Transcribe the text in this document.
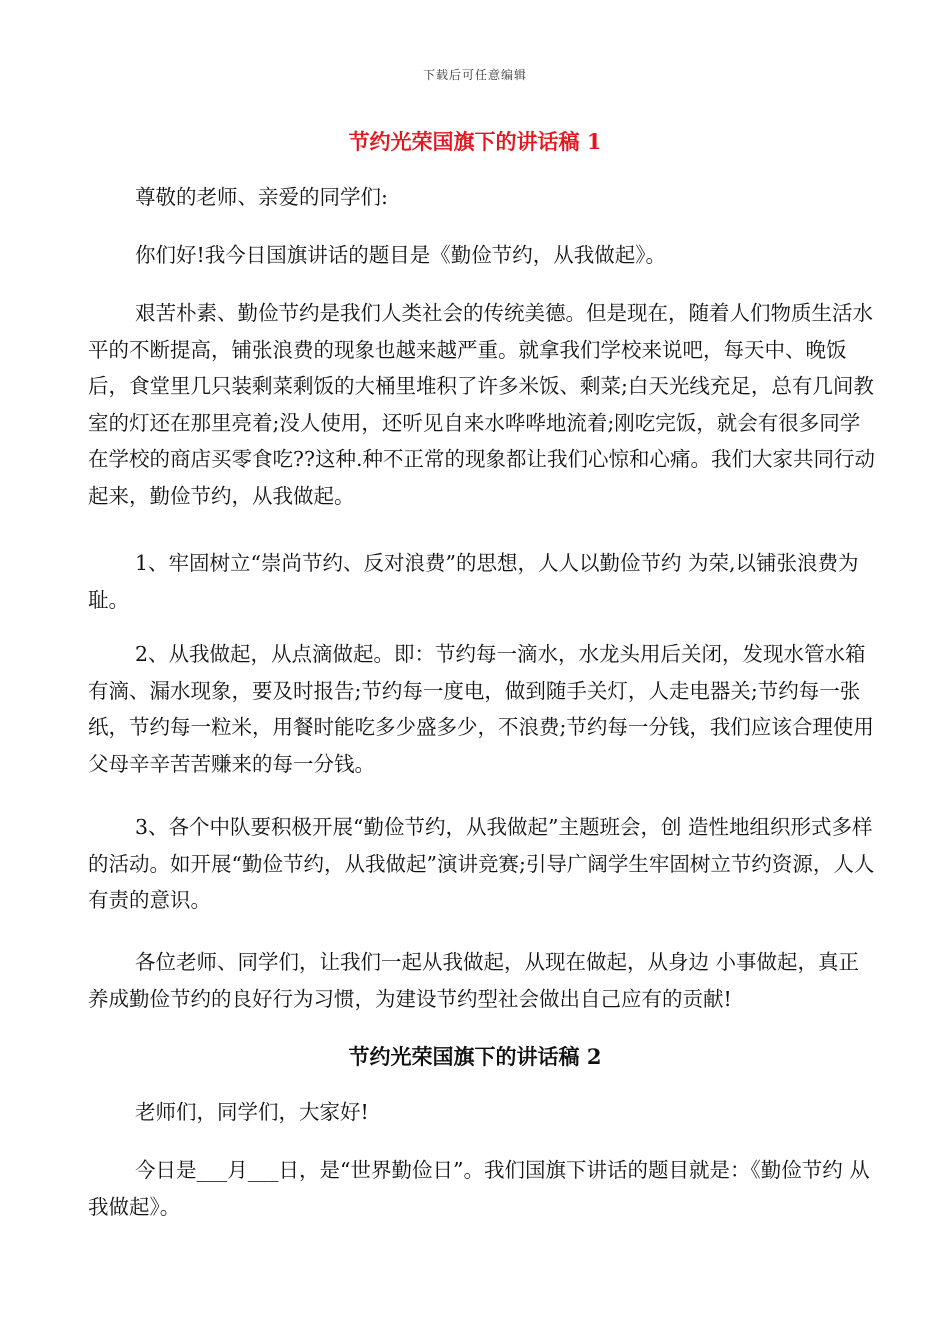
下载后可任意编辑
节约光荣国旗下的讲话稿 1

尊敬的老师、亲爱的同学们:

你们好!我今日国旗讲话的题目是《勤俭节约，从我做起》。

艰苦朴素、勤俭节约是我们人类社会的传统美德。但是现在，随着人们物质生活水平的不断提高，铺张浪费的现象也越来越严重。就拿我们学校来说吧，每天中、晚饭后，食堂里几只装剩菜剩饭的大桶里堆积了许多米饭、剩菜;白天光线充足，总有几间教室的灯还在那里亮着;没人使用，还听见自来水哗哗地流着;刚吃完饭，就会有很多同学在学校的商店买零食吃??这种.种不正常的现象都让我们心惊和心痛。我们大家共同行动起来，勤俭节约，从我做起。

1、牢固树立“崇尚节约、反对浪费”的思想，人人以勤俭节约 为荣,以铺张浪费为耻。

2、从我做起，从点滴做起。即：节约每一滴水，水龙头用后关闭，发现水管水箱有滴、漏水现象，要及时报告;节约每一度电，做到随手关灯，人走电器关;节约每一张纸，节约每一粒米，用餐时能吃多少盛多少，不浪费;节约每一分钱，我们应该合理使用父母辛辛苦苦赚来的每一分钱。

3、各个中队要积极开展“勤俭节约，从我做起”主题班会，创 造性地组织形式多样的活动。如开展“勤俭节约，从我做起”演讲竞赛;引导广阔学生牢固树立节约资源，人人有责的意识。

各位老师、同学们，让我们一起从我做起，从现在做起，从身边 小事做起，真正养成勤俭节约的良好行为习惯，为建设节约型社会做出自己应有的贡献!

节约光荣国旗下的讲话稿 2

老师们，同学们，大家好!

今日是___月___日，是“世界勤俭日”。我们国旗下讲话的题目就是：《勤俭节约 从我做起》。
